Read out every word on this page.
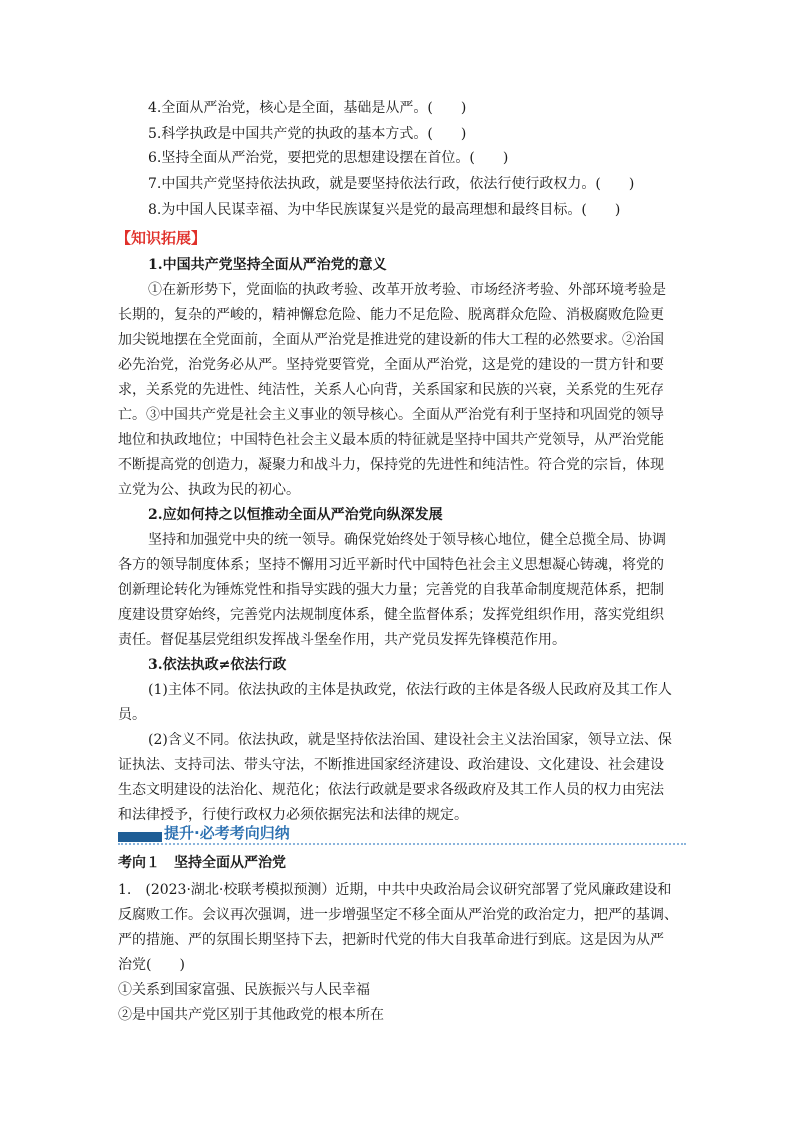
4.全面从严治党，核心是全面，基础是从严。(　　)
5.科学执政是中国共产党的执政的基本方式。(　　)
6.坚持全面从严治党，要把党的思想建设摆在首位。(　　)
7.中国共产党坚持依法执政，就是要坚持依法行政，依法行使行政权力。(　　)
8.为中国人民谋幸福、为中华民族谋复兴是党的最高理想和最终目标。(　　)
【知识拓展】
1.中国共产党坚持全面从严治党的意义
①在新形势下，党面临的执政考验、改革开放考验、市场经济考验、外部环境考验是
长期的，复杂的严峻的，精神懈怠危险、能力不足危险、脱离群众危险、消极腐败危险更
加尖锐地摆在全党面前，全面从严治党是推进党的建设新的伟大工程的必然要求。②治国
必先治党，治党务必从严。坚持党要管党，全面从严治党，这是党的建设的一贯方针和要
求，关系党的先进性、纯洁性，关系人心向背，关系国家和民族的兴衰，关系党的生死存
亡。③中国共产党是社会主义事业的领导核心。全面从严治党有利于坚持和巩固党的领导
地位和执政地位；中国特色社会主义最本质的特征就是坚持中国共产党领导，从严治党能
不断提高党的创造力，凝聚力和战斗力，保持党的先进性和纯洁性。符合党的宗旨，体现
立党为公、执政为民的初心。
2.应如何持之以恒推动全面从严治党向纵深发展
坚持和加强党中央的统一领导。确保党始终处于领导核心地位，健全总揽全局、协调
各方的领导制度体系；坚持不懈用习近平新时代中国特色社会主义思想凝心铸魂，将党的
创新理论转化为锤炼党性和指导实践的强大力量；完善党的自我革命制度规范体系，把制
度建设贯穿始终，完善党内法规制度体系，健全监督体系；发挥党组织作用，落实党组织
责任。督促基层党组织发挥战斗堡垒作用，共产党员发挥先锋模范作用。
3.依法执政≠依法行政
(1)主体不同。依法执政的主体是执政党，依法行政的主体是各级人民政府及其工作人
员。
(2)含义不同。依法执政，就是坚持依法治国、建设社会主义法治国家，领导立法、保
证执法、支持司法、带头守法，不断推进国家经济建设、政治建设、文化建设、社会建设
生态文明建设的法治化、规范化；依法行政就是要求各级政府及其工作人员的权力由宪法
和法律授予，行使行政权力必须依据宪法和法律的规定。
提升·必考考向归纳
考向１　坚持全面从严治党
1.　(2023·湖北·校联考模拟预测）近期，中共中央政治局会议研究部署了党风廉政建设和
反腐败工作。会议再次强调，进一步增强坚定不移全面从严治党的政治定力，把严的基调、
严的措施、严的氛围长期坚持下去，把新时代党的伟大自我革命进行到底。这是因为从严
治党(　　)
①关系到国家富强、民族振兴与人民幸福
②是中国共产党区别于其他政党的根本所在
